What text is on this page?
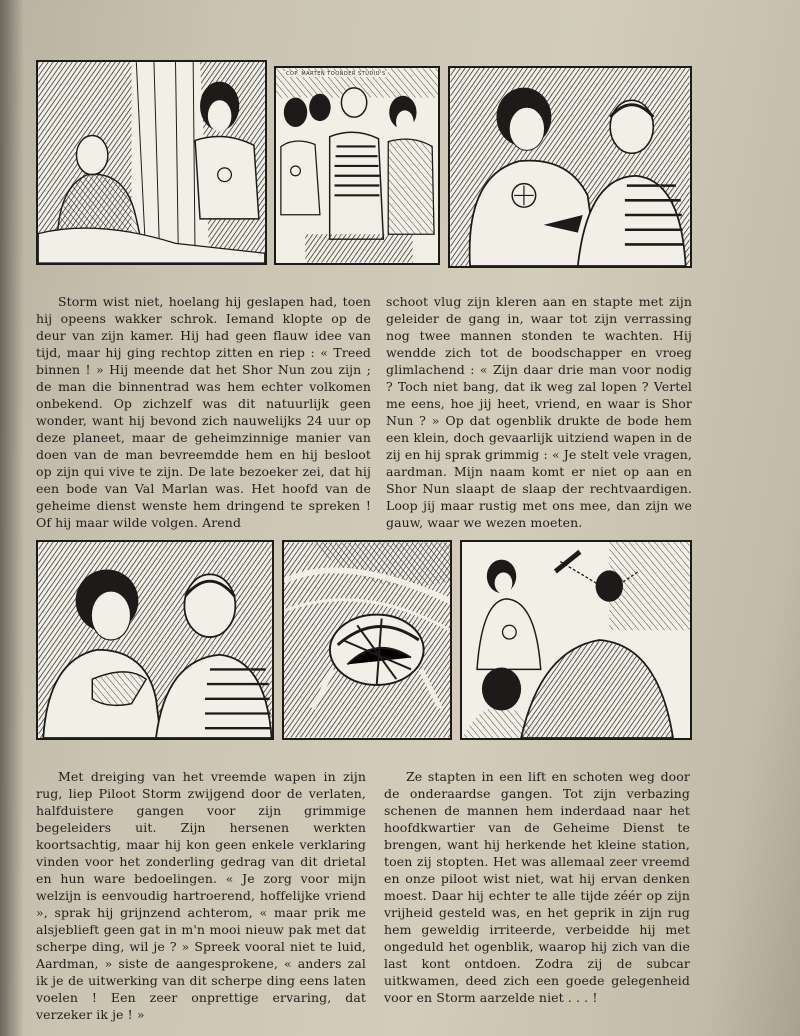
COP. MARTEN TOONDER STUDIO'S

Storm wist niet, hoelang hij geslapen had, toen hij opeens wakker schrok. Iemand klopte op de deur van zijn kamer. Hij had geen flauw idee van tijd, maar hij ging rechtop zitten en riep : « Treed binnen ! » Hij meende dat het Shor Nun zou zijn ; de man die binnentrad was hem echter volkomen onbekend. Op zichzelf was dit natuurlijk geen wonder, want hij bevond zich nauwelijks 24 uur op deze planeet, maar de geheimzinnige manier van doen van de man bevreemdde hem en hij besloot op zijn qui vive te zijn. De late bezoeker zei, dat hij een bode van Val Marlan was. Het hoofd van de geheime dienst wenste hem dringend te spreken ! Of hij maar wilde volgen. Arend

schoot vlug zijn kleren aan en stapte met zijn geleider de gang in, waar tot zijn verrassing nog twee mannen stonden te wachten. Hij wendde zich tot de boodschapper en vroeg glimlachend : « Zijn daar drie man voor nodig ? Toch niet bang, dat ik weg zal lopen ? Vertel me eens, hoe jij heet, vriend, en waar is Shor Nun ? » Op dat ogenblik drukte de bode hem een klein, doch gevaarlijk uitziend wapen in de zij en hij sprak grimmig : « Je stelt vele vragen, aardman. Mijn naam komt er niet op aan en Shor Nun slaapt de slaap der rechtvaardigen. Loop jij maar rustig met ons mee, dan zijn we gauw, waar we wezen moeten.

Met dreiging van het vreemde wapen in zijn rug, liep Piloot Storm zwijgend door de verlaten, halfduistere gangen voor zijn grimmige begeleiders uit. Zijn hersenen werkten koortsachtig, maar hij kon geen enkele verklaring vinden voor het zonderling gedrag van dit drietal en hun ware bedoelingen. « Je zorg voor mijn welzijn is eenvoudig hartroerend, hoffelijke vriend », sprak hij grijnzend achterom, « maar prik me alsjeblieft geen gat in m'n mooi nieuw pak met dat scherpe ding, wil je ? » Spreek vooral niet te luid, Aardman, » siste de aangesprokene, « anders zal ik je de uitwerking van dit scherpe ding eens laten voelen ! Een zeer onprettige ervaring, dat verzeker ik je ! »

Ze stapten in een lift en schoten weg door de onderaardse gangen. Tot zijn verbazing schenen de mannen hem inderdaad naar het hoofdkwartier van de Geheime Dienst te brengen, want hij herkende het kleine station, toen zij stopten. Het was allemaal zeer vreemd en onze piloot wist niet, wat hij ervan denken moest. Daar hij echter te alle tijde zéér op zijn vrijheid gesteld was, en het geprik in zijn rug hem geweldig irriteerde, verbeidde hij met ongeduld het ogenblik, waarop hij zich van die last kont ontdoen. Zodra zij de subcar uitkwamen, deed zich een goede gelegenheid voor en Storm aarzelde niet . . . !
